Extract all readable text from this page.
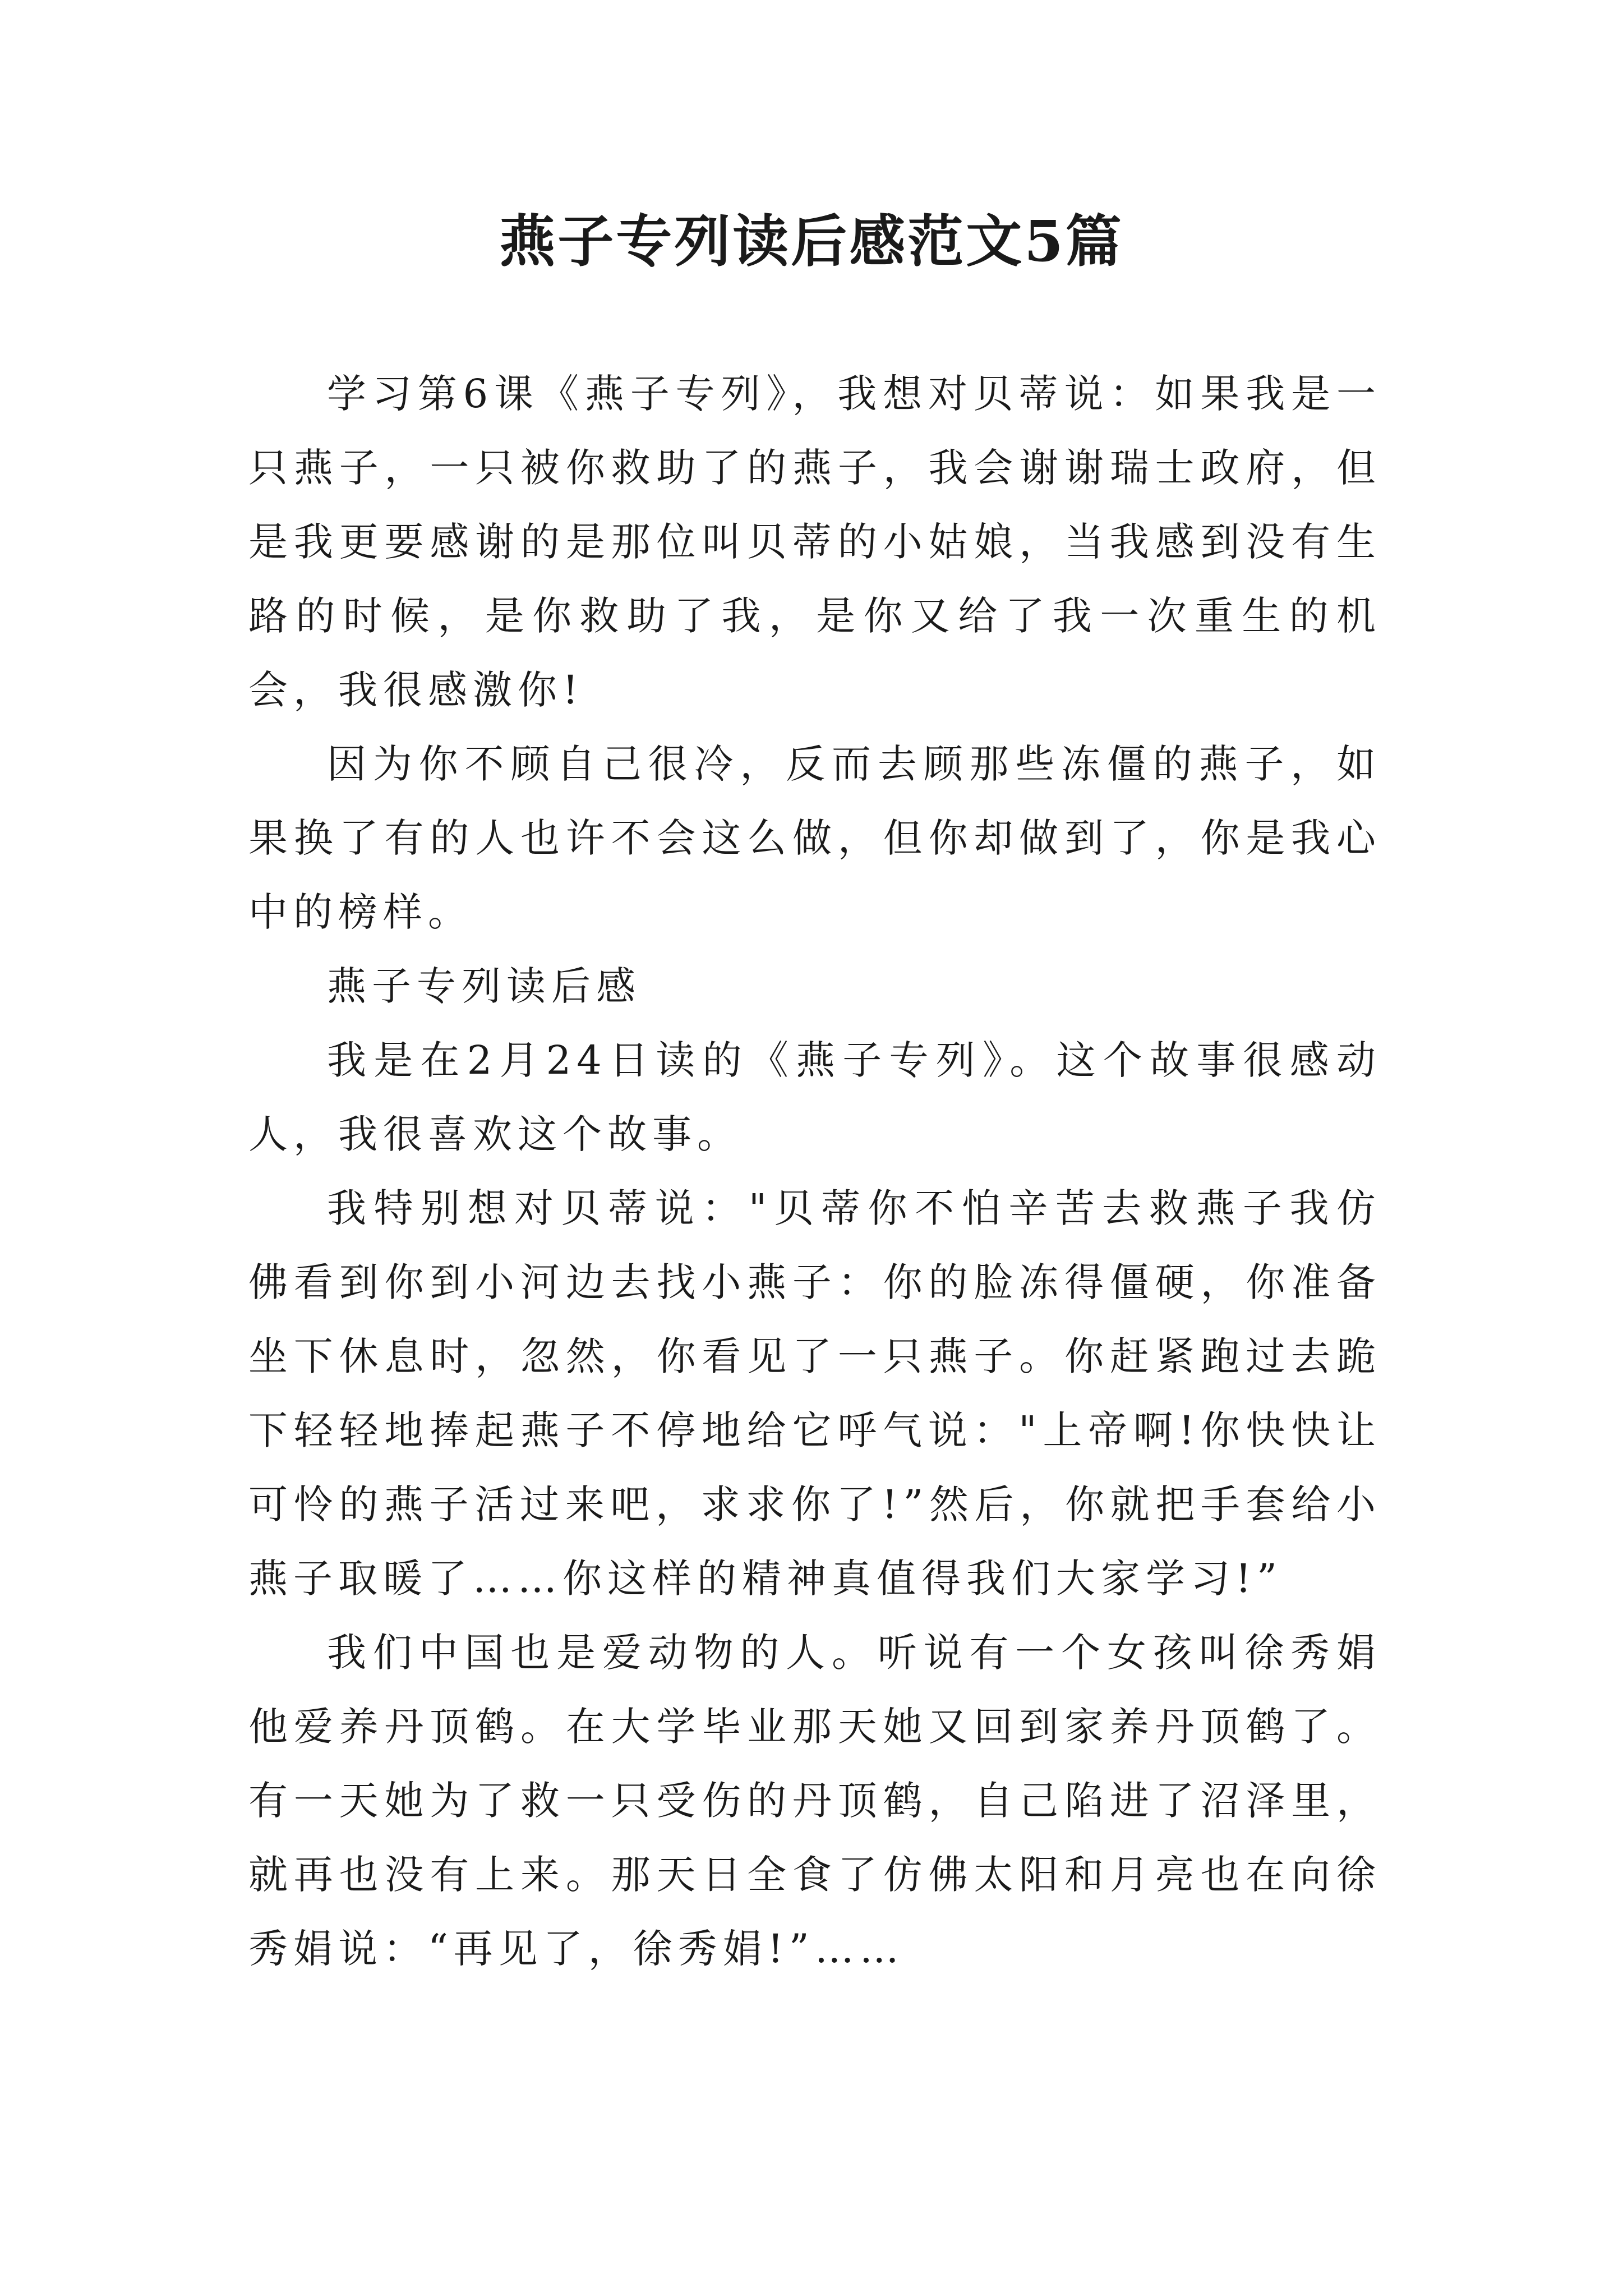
燕子专列读后感范文5篇

学习第6课《燕子专列》，我想对贝蒂说：如果我是一只燕子，一只被你救助了的燕子，我会谢谢瑞士政府，但是我更要感谢的是那位叫贝蒂的小姑娘，当我感到没有生路的时候，是你救助了我，是你又给了我一次重生的机会，我很感激你!

因为你不顾自己很冷，反而去顾那些冻僵的燕子，如果换了有的人也许不会这么做，但你却做到了，你是我心中的榜样。

燕子专列读后感

我是在2月24日读的《燕子专列》。这个故事很感动人，我很喜欢这个故事。

我特别想对贝蒂说："贝蒂你不怕辛苦去救燕子我仿佛看到你到小河边去找小燕子：你的脸冻得僵硬，你准备坐下休息时，忽然，你看见了一只燕子。你赶紧跑过去跪下轻轻地捧起燕子不停地给它呼气说："上帝啊!你快快让可怜的燕子活过来吧，求求你了!”然后，你就把手套给小燕子取暖了……你这样的精神真值得我们大家学习!”

我们中国也是爱动物的人。听说有一个女孩叫徐秀娟他爱养丹顶鹤。在大学毕业那天她又回到家养丹顶鹤了。有一天她为了救一只受伤的丹顶鹤，自己陷进了沼泽里，就再也没有上来。那天日全食了仿佛太阳和月亮也在向徐秀娟说：“再见了，徐秀娟!”……
